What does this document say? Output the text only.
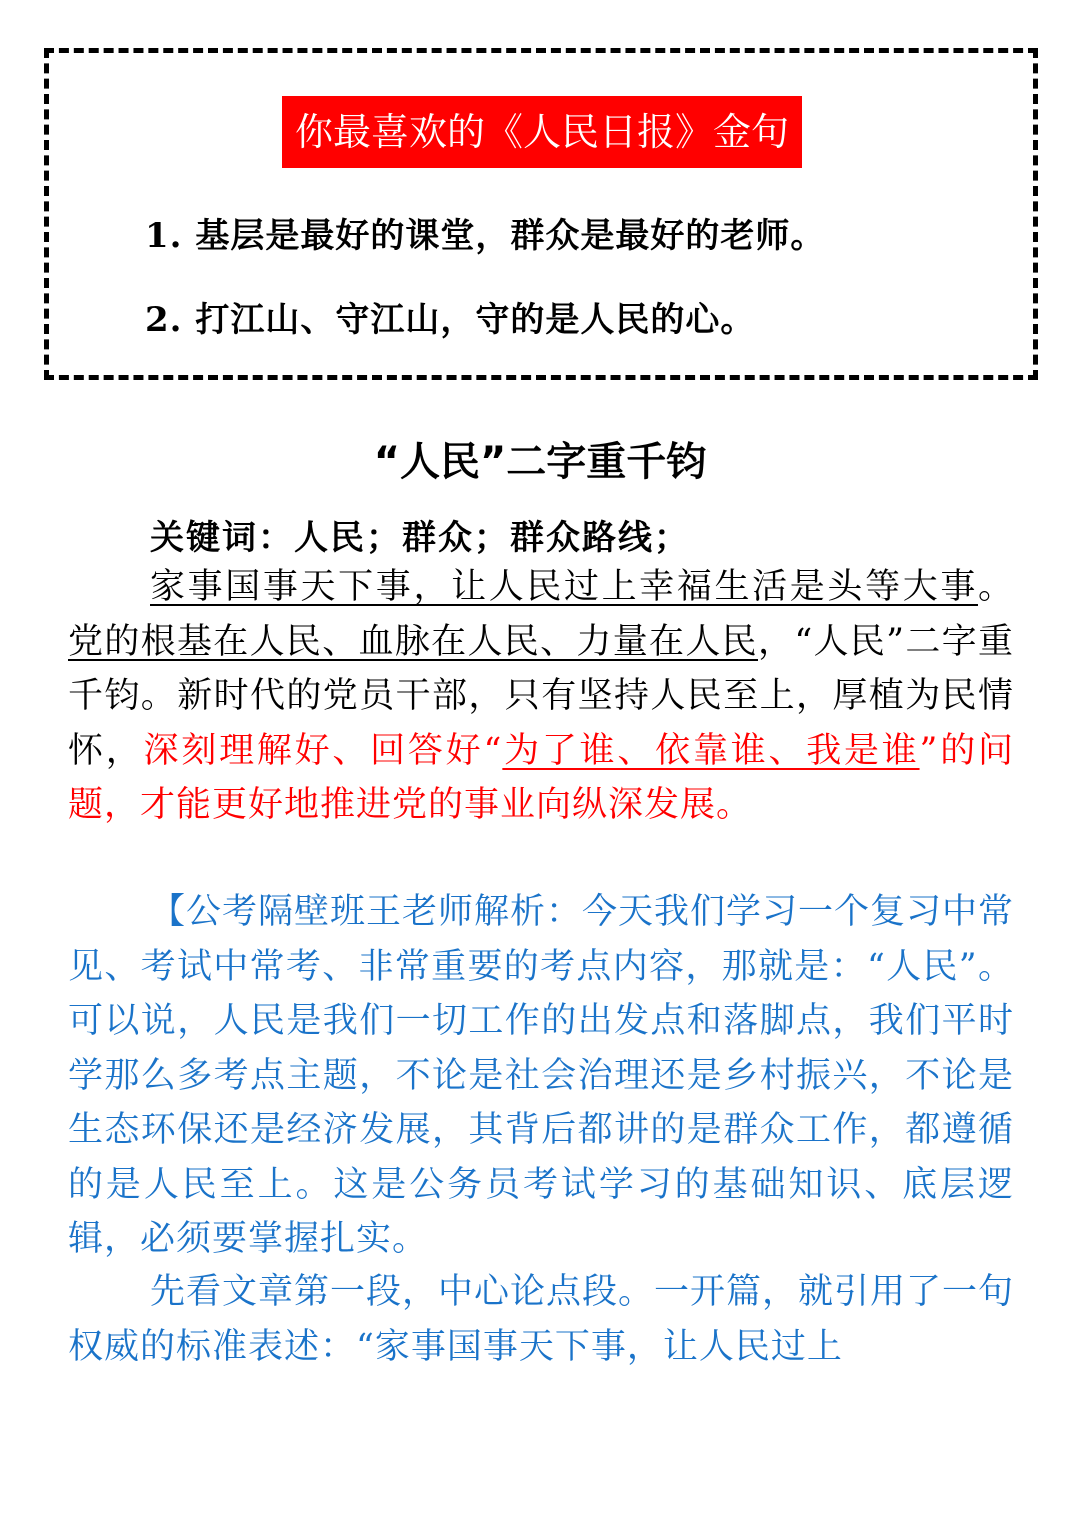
你最喜欢的《人民日报》金句
1. 基层是最好的课堂，群众是最好的老师。
2. 打江山、守江山，守的是人民的心。
“人民”二字重千钧
关键词：人民；群众；群众路线；
家事国事天下事，让人民过上幸福生活是头等大事。党的根基在人民、血脉在人民、力量在人民，“人民”二字重千钧。新时代的党员干部，只有坚持人民至上，厚植为民情怀，深刻理解好、回答好“为了谁、依靠谁、我是谁”的问题，才能更好地推进党的事业向纵深发展。
【公考隔壁班王老师解析：今天我们学习一个复习中常见、考试中常考、非常重要的考点内容，那就是：“人民”。可以说，人民是我们一切工作的出发点和落脚点，我们平时学那么多考点主题，不论是社会治理还是乡村振兴，不论是生态环保还是经济发展，其背后都讲的是群众工作，都遵循的是人民至上。这是公务员考试学习的基础知识、底层逻辑，必须要掌握扎实。
先看文章第一段，中心论点段。一开篇，就引用了一句权威的标准表述：“家事国事天下事，让人民过上
